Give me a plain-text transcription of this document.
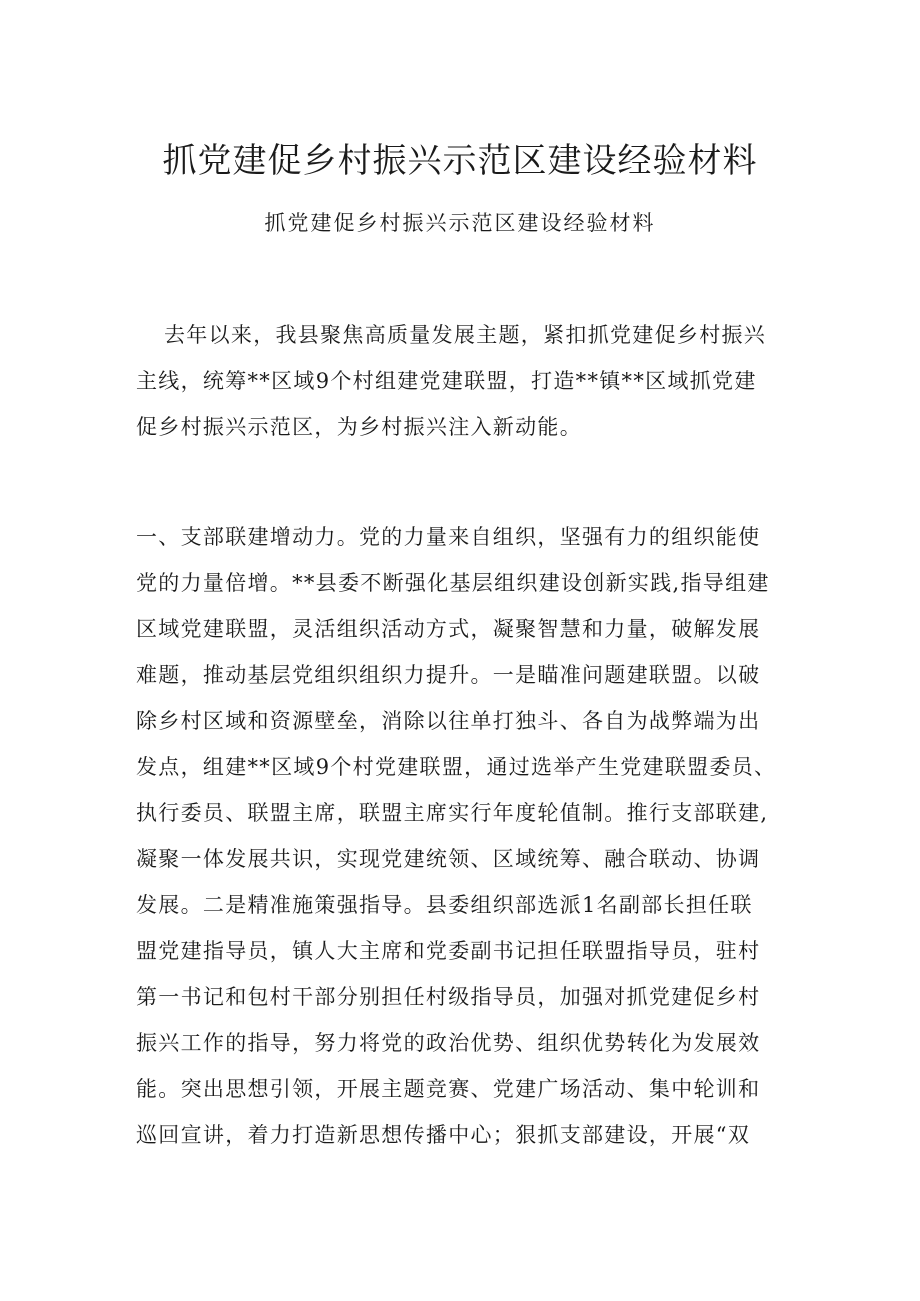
抓党建促乡村振兴示范区建设经验材料
抓党建促乡村振兴示范区建设经验材料

去年以来，我县聚焦高质量发展主题，紧扣抓党建促乡村振兴
主线，统筹**区域9个村组建党建联盟，打造**镇**区域抓党建
促乡村振兴示范区，为乡村振兴注入新动能。

一、支部联建增动力。党的力量来自组织，坚强有力的组织能使
党的力量倍增。**县委不断强化基层组织建设创新实践,指导组建
区域党建联盟，灵活组织活动方式，凝聚智慧和力量，破解发展
难题，推动基层党组织组织力提升。一是瞄准问题建联盟。以破
除乡村区域和资源壁垒，消除以往单打独斗、各自为战弊端为出
发点，组建**区域9个村党建联盟，通过选举产生党建联盟委员、
执行委员、联盟主席，联盟主席实行年度轮值制。推行支部联建,
凝聚一体发展共识，实现党建统领、区域统筹、融合联动、协调
发展。二是精准施策强指导。县委组织部选派1名副部长担任联
盟党建指导员，镇人大主席和党委副书记担任联盟指导员，驻村
第一书记和包村干部分别担任村级指导员，加强对抓党建促乡村
振兴工作的指导，努力将党的政治优势、组织优势转化为发展效
能。突出思想引领，开展主题竞赛、党建广场活动、集中轮训和
巡回宣讲，着力打造新思想传播中心；狠抓支部建设，开展“双
